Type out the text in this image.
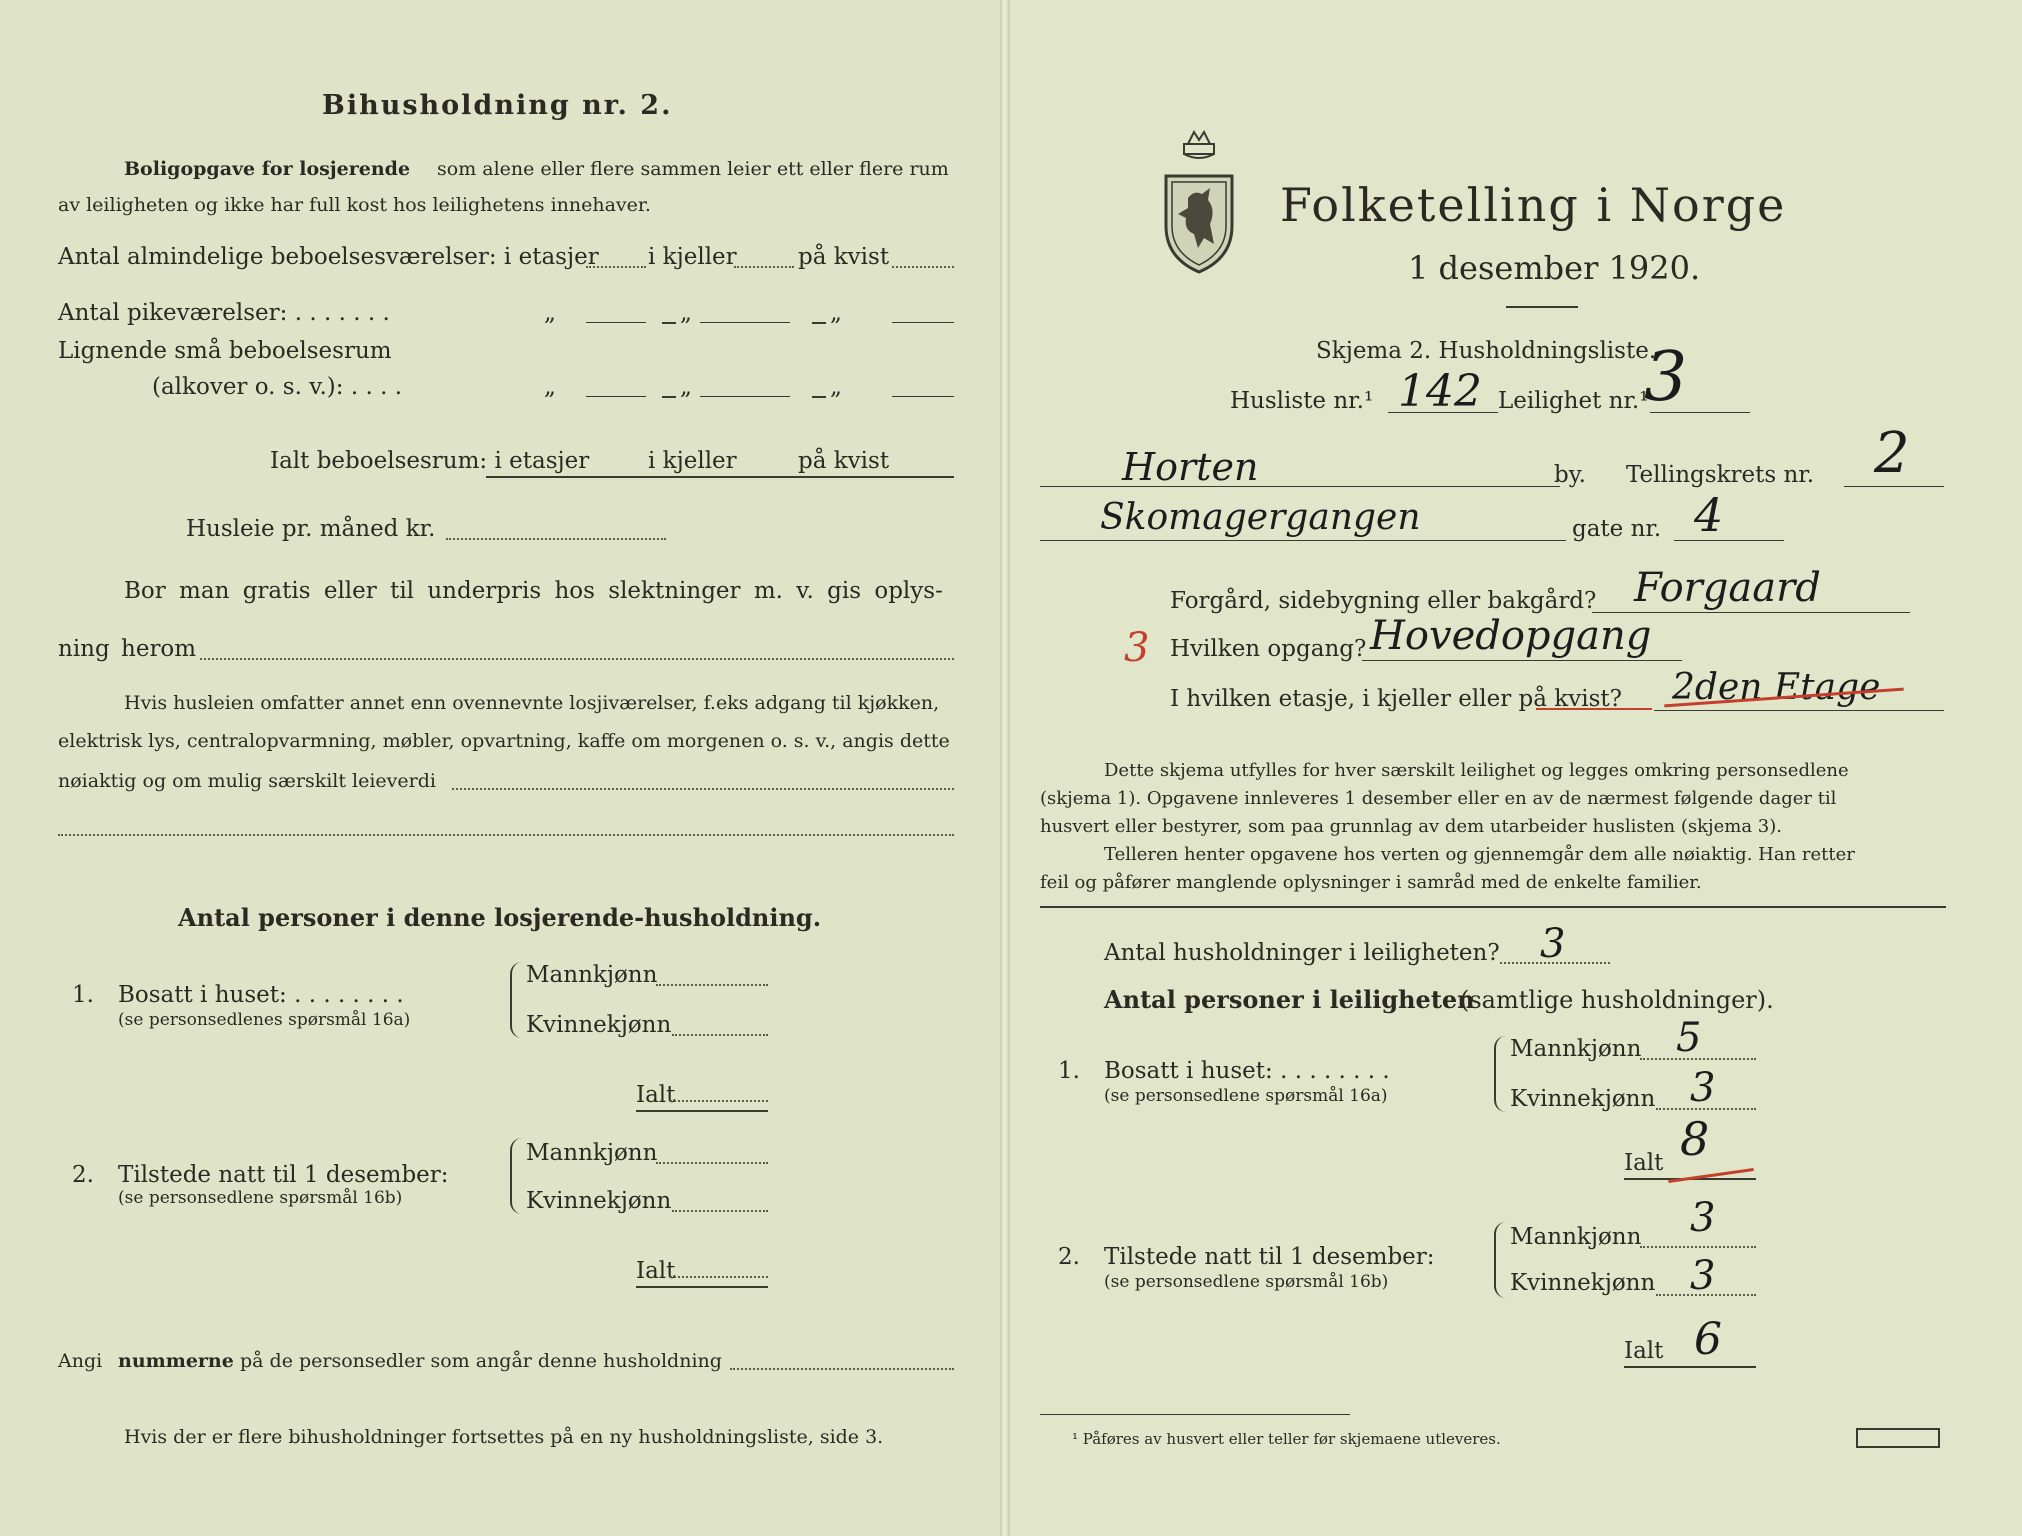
Bihusholdning nr. 2.
Boligopgave for losjerende som alene eller flere sammen leier ett eller flere rum
av leiligheten og ikke har full kost hos leilighetens innehaver.
Antal almindelige beboelsesværelser: i etasjer i kjeller	på kvist
Antal pikeværelser: . . . . . . .	„	„	„
Lignende små beboelsesrum
(alkover o. s. v.): . . . .	„	„	„
Ialt beboelsesrum: i etasjer	i kjeller	på kvist
Husleie pr. måned kr.
Bor man gratis eller til underpris hos slektninger m. v. gis oplys-
ning herom
Hvis husleien omfatter annet enn ovennevnte losjiværelser, f.eks adgang til kjøkken,
elektrisk lys, centralopvarmning, møbler, opvartning, kaffe om morgenen o. s. v., angis dette
nøiaktig og om mulig særskilt leieverdi
Antal personer i denne losjerende-husholdning.
1. Bosatt i huset: . . . . . . . .
(se personsedlenes spørsmål 16a)
Mannkjønn
Kvinnekjønn
Ialt
2. Tilstede natt til 1 desember:
(se personsedlene spørsmål 16b)
Mannkjønn
Kvinnekjønn
Ialt
Angi nummerne på de personsedler som angår denne husholdning
Hvis der er flere bihusholdninger fortsettes på en ny husholdningsliste, side 3.
Folketelling i Norge
1 desember 1920.
Skjema 2. Husholdningsliste.
Husliste nr.¹ 142 Leilighet nr.¹
3
Horten	by. Tellingskrets nr. 2
Skomagergangen	gate nr. 4
Forgård, sidebygning eller bakgård? Forgaard
3 Hvilken opgang? Hovedopgang
I hvilken etasje, i kjeller eller på kvist? 2den Etage
Dette skjema utfylles for hver særskilt leilighet og legges omkring personsedlene
(skjema 1). Opgavene innleveres 1 desember eller en av de nærmest følgende dager til
husvert eller bestyrer, som paa grunnlag av dem utarbeider huslisten (skjema 3).
Telleren henter opgavene hos verten og gjennemgår dem alle nøiaktig. Han retter
feil og påfører manglende oplysninger i samråd med de enkelte familier.
Antal husholdninger i leiligheten? 3
Antal personer i leiligheten
(samtlige husholdninger).
1. Bosatt i huset: . . . . . . . .
(se personsedlene spørsmål 16a)
Mannkjønn 5
Kvinnekjønn 3
Ialt 8
2. Tilstede natt til 1 desember:
(se personsedlene spørsmål 16b)
Mannkjønn 3
Kvinnekjønn 3
Ialt 6
¹ Påføres av husvert eller teller før skjemaene utleveres.
